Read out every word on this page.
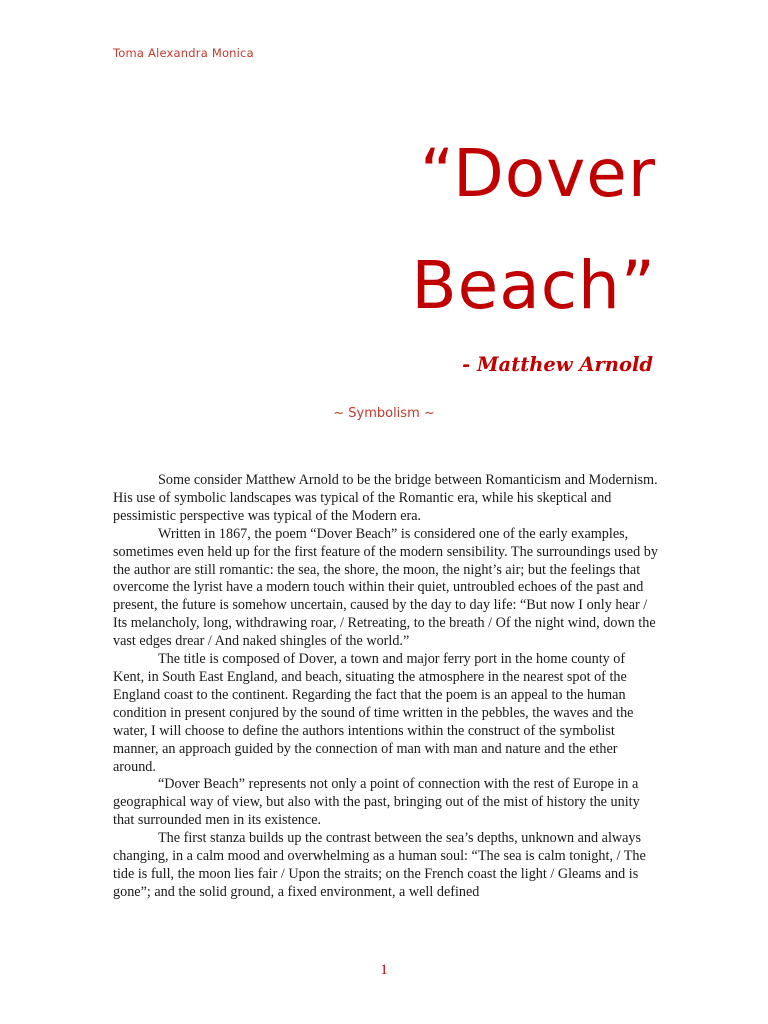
Toma Alexandra Monica
“Dover
Beach”
- Matthew Arnold
~ Symbolism ~

Some consider Matthew Arnold to be the bridge between Romanticism and Modernism. His use of symbolic landscapes was typical of the Romantic era, while his skeptical and pessimistic perspective was typical of the Modern era.

Written in 1867, the poem “Dover Beach” is considered one of the early examples, sometimes even held up for the first feature of the modern sensibility. The surroundings used by the author are still romantic: the sea, the shore, the moon, the night’s air; but the feelings that overcome the lyrist have a modern touch within their quiet, untroubled echoes of the past and present, the future is somehow uncertain, caused by the day to day life: “But now I only hear / Its melancholy, long, withdrawing roar, / Retreating, to the breath / Of the night wind, down the vast edges drear / And naked shingles of the world.”

The title is composed of Dover, a town and major ferry port in the home county of Kent, in South East England, and beach, situating the atmosphere in the nearest spot of the England coast to the continent. Regarding the fact that the poem is an appeal to the human condition in present conjured by the sound of time written in the pebbles, the waves and the water, I will choose to define the authors intentions within the construct of the symbolist manner, an approach guided by the connection of man with man and nature and the ether around.

“Dover Beach” represents not only a point of connection with the rest of Europe in a geographical way of view, but also with the past, bringing out of the mist of history the unity that surrounded men in its existence.

The first stanza builds up the contrast between the sea’s depths, unknown and always changing, in a calm mood and overwhelming as a human soul: “The sea is calm tonight, / The tide is full, the moon lies fair / Upon the straits; on the French coast the light / Gleams and is gone”; and the solid ground, a fixed environment, a well defined

1
